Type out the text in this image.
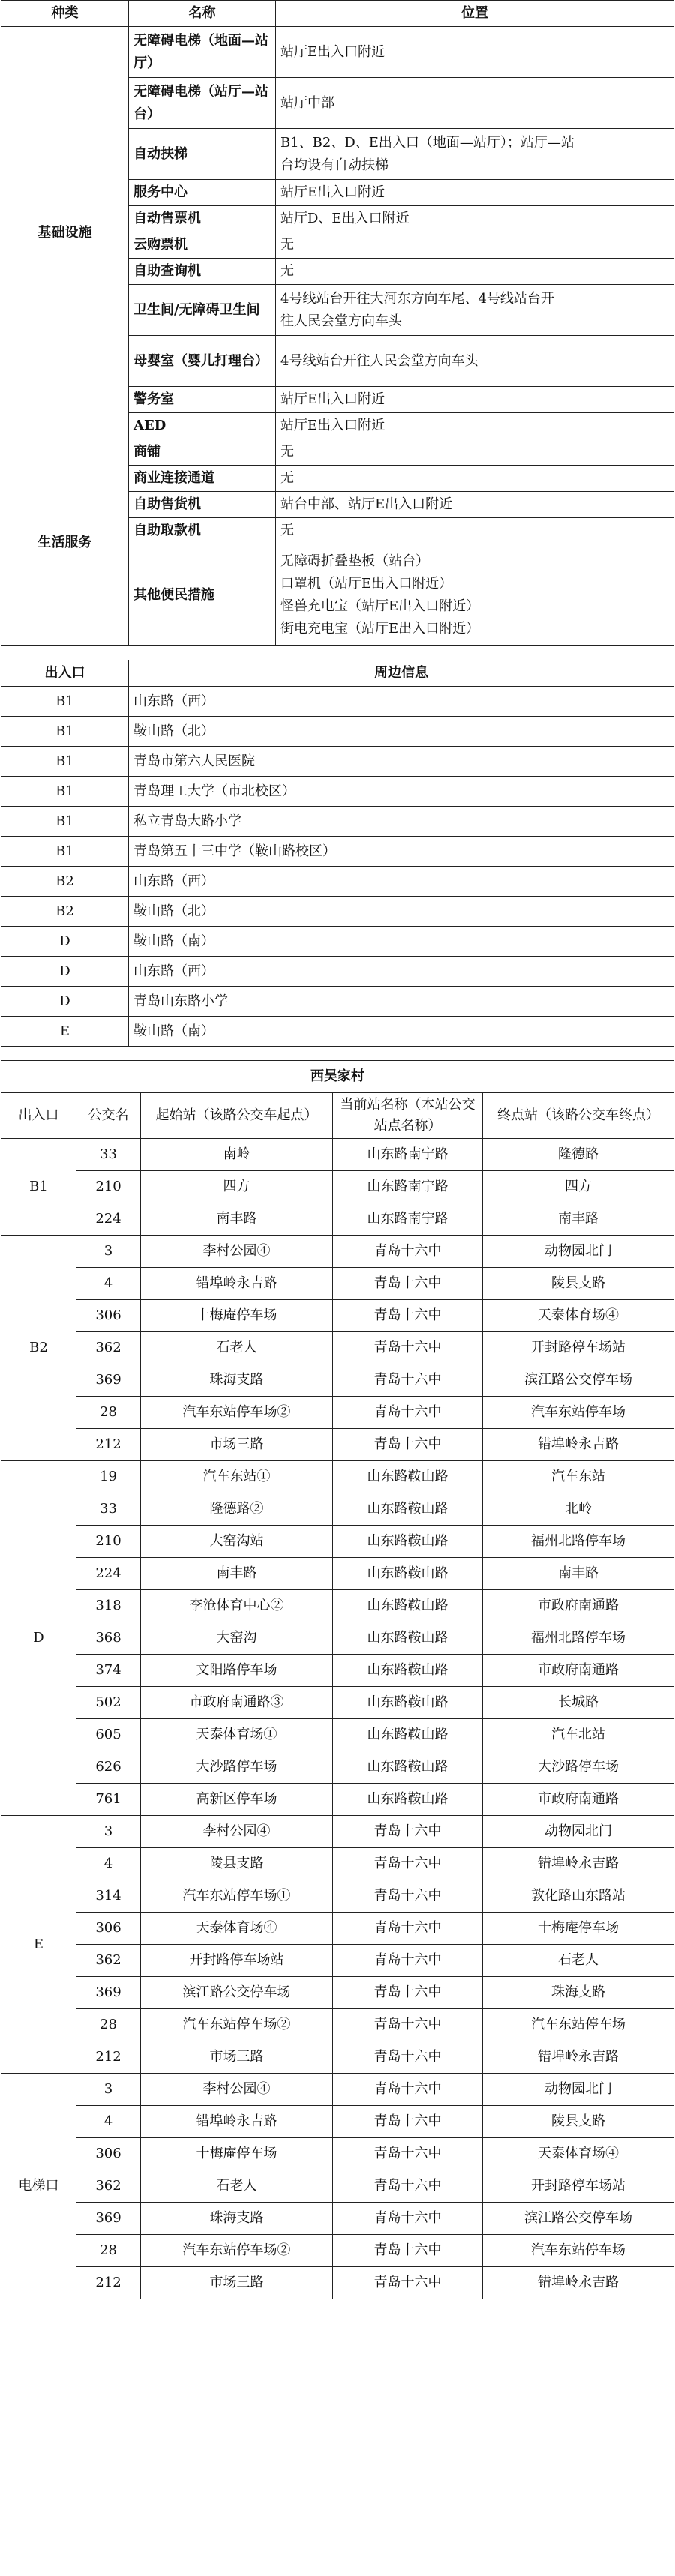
种类	名称	位置
基础设施	无障碍电梯（地面—站厅）	站厅E出入口附近

	无障碍电梯（站厅—站台）	站厅中部

	自动扶梯	B1、B2、D、E出入口（地面—站厅）；站厅—站
台均设有自动扶梯

	服务中心	站厅E出入口附近

	自动售票机	站厅D、E出入口附近

	云购票机	无

	自助查询机	无

	卫生间/无障碍卫生间	4号线站台开往大河东方向车尾、4号线站台开
往人民会堂方向车头

	母婴室（婴儿打理台）	4号线站台开往人民会堂方向车头

	警务室	站厅E出入口附近

	AED	站厅E出入口附近

生活服务	商铺	无

	商业连接通道	无

	自助售货机	站台中部、站厅E出入口附近

	自助取款机	无

	其他便民措施	无障碍折叠垫板（站台）
口罩机（站厅E出入口附近）
怪兽充电宝（站厅E出入口附近）
街电充电宝（站厅E出入口附近）
出入口	周边信息
B1	山东路（西）
B1	鞍山路（北）
B1	青岛市第六人民医院
B1	青岛理工大学（市北校区）
B1	私立青岛大路小学
B1	青岛第五十三中学（鞍山路校区）
B2	山东路（西）
B2	鞍山路（北）
D	鞍山路（南）
D	山东路（西）
D	青岛山东路小学
E	鞍山路（南）
西吴家村				
出入口	公交名	起始站（该路公交车起点）	当前站名称（本站公交站点名称）	终点站（该路公交车终点）
B1	33	南岭	山东路南宁路	隆德路
	210	四方	山东路南宁路	四方
	224	南丰路	山东路南宁路	南丰路
B2	3	李村公园④	青岛十六中	动物园北门
	4	错埠岭永吉路	青岛十六中	陵县支路
	306	十梅庵停车场	青岛十六中	天泰体育场④
	362	石老人	青岛十六中	开封路停车场站
	369	珠海支路	青岛十六中	滨江路公交停车场
	28	汽车东站停车场②	青岛十六中	汽车东站停车场
	212	市场三路	青岛十六中	错埠岭永吉路
D	19	汽车东站①	山东路鞍山路	汽车东站
	33	隆德路②	山东路鞍山路	北岭
	210	大窑沟站	山东路鞍山路	福州北路停车场
	224	南丰路	山东路鞍山路	南丰路
	318	李沧体育中心②	山东路鞍山路	市政府南通路
	368	大窑沟	山东路鞍山路	福州北路停车场
	374	文阳路停车场	山东路鞍山路	市政府南通路
	502	市政府南通路③	山东路鞍山路	长城路
	605	天泰体育场①	山东路鞍山路	汽车北站
	626	大沙路停车场	山东路鞍山路	大沙路停车场
	761	高新区停车场	山东路鞍山路	市政府南通路
E	3	李村公园④	青岛十六中	动物园北门
	4	陵县支路	青岛十六中	错埠岭永吉路
	314	汽车东站停车场①	青岛十六中	敦化路山东路站
	306	天泰体育场④	青岛十六中	十梅庵停车场
	362	开封路停车场站	青岛十六中	石老人
	369	滨江路公交停车场	青岛十六中	珠海支路
	28	汽车东站停车场②	青岛十六中	汽车东站停车场
	212	市场三路	青岛十六中	错埠岭永吉路
电梯口	3	李村公园④	青岛十六中	动物园北门
	4	错埠岭永吉路	青岛十六中	陵县支路
	306	十梅庵停车场	青岛十六中	天泰体育场④
	362	石老人	青岛十六中	开封路停车场站
	369	珠海支路	青岛十六中	滨江路公交停车场
	28	汽车东站停车场②	青岛十六中	汽车东站停车场
	212	市场三路	青岛十六中	错埠岭永吉路
